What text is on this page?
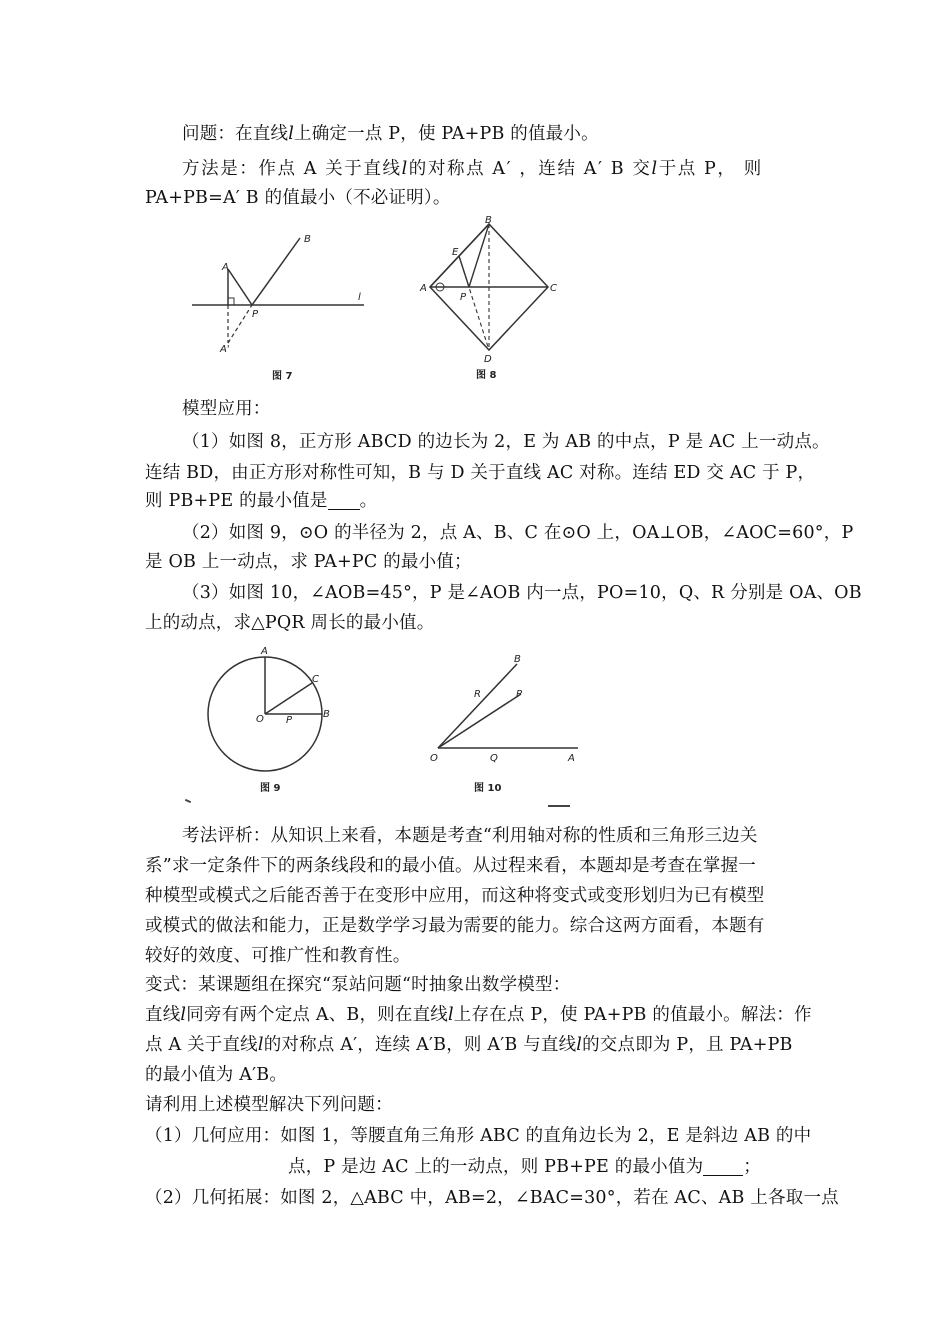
问题：在直线l上确定一点 P，使 PA+PB 的值最小。
方法是：作点 A 关于直线l的对称点 A′ ，连结 A′ B 交l于点 P， 则
PA+PB=A′ B 的值最小（不必证明）。
A
B
P
A'
l
图 7
B
E
A
P
C
D
图 8
模型应用：
（1）如图 8，正方形 ABCD 的边长为 2，E 为 AB 的中点，P 是 AC 上一动点。
连结 BD，由正方形对称性可知，B 与 D 关于直线 AC 对称。连结 ED 交 AC 于 P，
则 PB+PE 的最小值是 。
（2）如图 9，⊙O 的半径为 2，点 A、B、C 在⊙O 上，OA⊥OB，∠AOC=60°，P
是 OB 上一动点，求 PA+PC 的最小值；
（3）如图 10，∠AOB=45°，P 是∠AOB 内一点，PO=10，Q、R 分别是 OA、OB
上的动点，求△PQR 周长的最小值。
A
C
O P
B
图 9
B
R	P
O	Q	A
图 10
考法评析：从知识上来看，本题是考查“利用轴对称的性质和三角形三边关
系”求一定条件下的两条线段和的最小值。从过程来看，本题却是考查在掌握一
种模型或模式之后能否善于在变形中应用，而这种将变式或变形划归为已有模型
或模式的做法和能力，正是数学学习最为需要的能力。综合这两方面看，本题有
较好的效度、可推广性和教育性。
变式：某课题组在探究“泵站问题“时抽象出数学模型：
直线l同旁有两个定点 A、B，则在直线l上存在点 P，使 PA+PB 的值最小。解法：作
点 A 关于直线l的对称点 A′，连续 A′B，则 A′B 与直线l的交点即为 P，且 PA+PB
的最小值为 A′B。
请利用上述模型解决下列问题：
（1）几何应用：如图 1，等腰直角三角形 ABC 的直角边长为 2，E 是斜边 AB 的中
点，P 是边 AC 上的一动点，则 PB+PE 的最小值为 ；
（2）几何拓展：如图 2，△ABC 中，AB=2，∠BAC=30°，若在 AC、AB 上各取一点
